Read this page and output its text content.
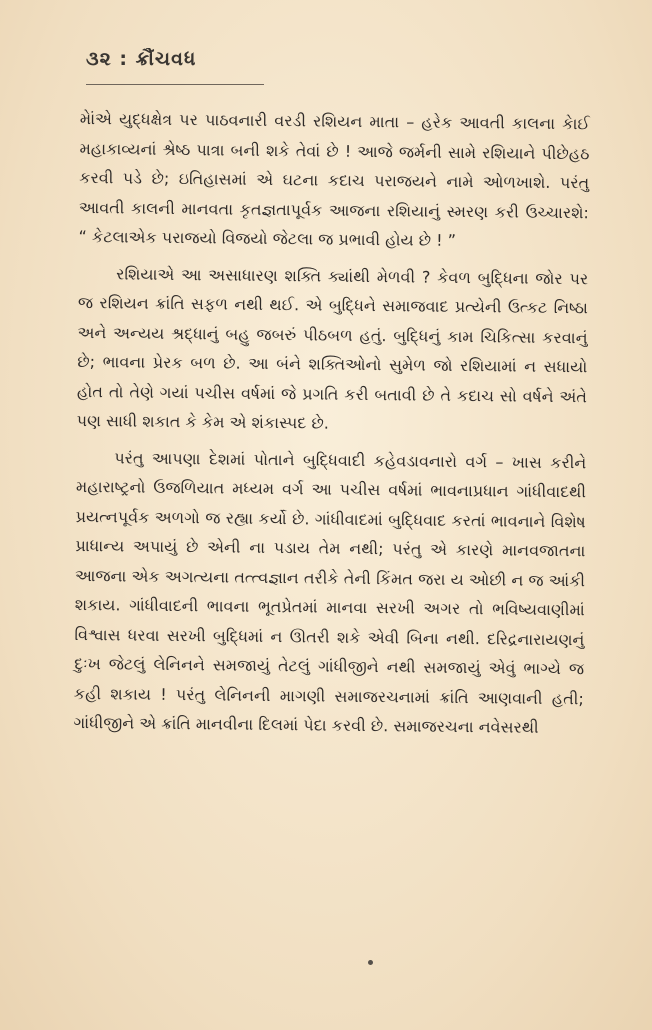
૩૨ : ક્રૌંચવધ

મેાંએ યુદ્ધક્ષેત્ર પર પાઠવનારી વરડી રશિયન માતા – હરેક આવતી કાલના કેાઈ મહાકાવ્યનાં શ્રેષ્ઠ પાત્રા બની શકે તેવાં છે ! આજે જર્મની સામે રશિયાને પીછેહઠ કરવી પડે છે; ઇતિહાસમાં એ ઘટના કદાચ પરાજયને નામે ઓળખાશે. પરંતુ આવતી કાલની માનવતા કૃતજ્ઞતાપૂર્વક આજના રશિયાનું સ્મરણ કરી ઉચ્ચારશે: “ કેટલાએક પરાજયો વિજયો જેટલા જ પ્રભાવી હોય છે ! ”

રશિયાએ આ અસાધારણ શક્તિ ક્યાંથી મેળવી ? કેવળ બુદ્ધિના જોર પર જ રશિયન ક્રાંતિ સફળ નથી થઈ. એ બુદ્ધિને સમાજવાદ પ્રત્યેની ઉત્કટ નિષ્ઠા અને અન્યય શ્રદ્ધાનું બહુ જબરું પીઠબળ હતું. બુદ્ધિનું કામ ચિકિત્સા કરવાનું છે; ભાવના પ્રેરક બળ છે. આ બંને શક્તિઓનો સુમેળ જો રશિયામાં ન સધાયો હોત તો તેણે ગયાં પચીસ વર્ષમાં જે પ્રગતિ કરી બતાવી છે તે કદાચ સો વર્ષને અંતે પણ સાધી શકાત કે કેમ એ શંકાસ્પદ છે.

પરંતુ આપણા દેશમાં પોતાને બુદ્ધિવાદી કહેવડાવનારો વર્ગ – ખાસ કરીને મહારાષ્ટ્રનો ઉજળિયાત મધ્યમ વર્ગ આ પચીસ વર્ષમાં ભાવનાપ્રધાન ગાંધીવાદથી પ્રયત્નપૂર્વક અળગો જ રહ્યા કર્યો છે. ગાંધીવાદમાં બુદ્ધિવાદ કરતાં ભાવનાને વિશેષ પ્રાધાન્ય અપાયું છે એની ના પડાય તેમ નથી; પરંતુ એ કારણે માનવજાતના આજના એક અગત્યના તત્ત્વજ્ઞાન તરીકે તેની કિંમત જરા ય ઓછી ન જ આંકી શકાય. ગાંધીવાદની ભાવના ભૂતપ્રેતમાં માનવા સરખી અગર તો ભવિષ્યવાણીમાં વિશ્વાસ ધરવા સરખી બુદ્ધિમાં ન ઊતરી શકે એવી બિના નથી. દરિદ્રનારાયણનું દુઃખ જેટલું લેનિનને સમજાયું તેટલું ગાંધીજીને નથી સમજાયું એવું ભાગ્યે જ કહી શકાય ! પરંતુ લેનિનની માગણી સમાજરચનામાં ક્રાંતિ આણવાની હતી; ગાંધીજીને એ ક્રાંતિ માનવીના દિલમાં પેદા કરવી છે. સમાજરચના નવેસરથી
